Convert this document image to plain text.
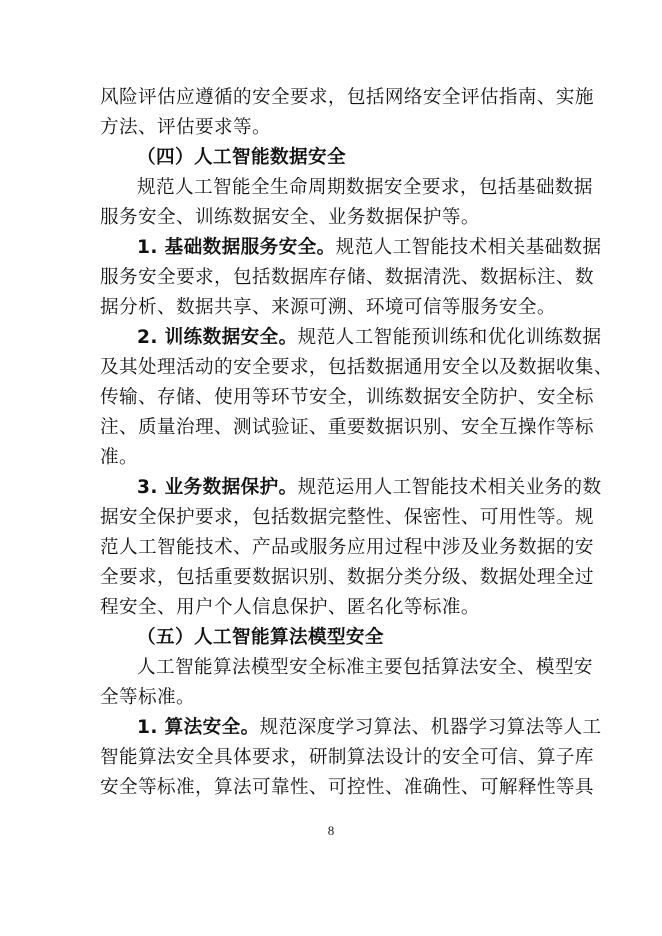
风险评估应遵循的安全要求，包括网络安全评估指南、实施
方法、评估要求等。
（四）人工智能数据安全
规范人工智能全生命周期数据安全要求，包括基础数据
服务安全、训练数据安全、业务数据保护等。
1. 基础数据服务安全。规范人工智能技术相关基础数据
服务安全要求，包括数据库存储、数据清洗、数据标注、数
据分析、数据共享、来源可溯、环境可信等服务安全。
2. 训练数据安全。规范人工智能预训练和优化训练数据
及其处理活动的安全要求，包括数据通用安全以及数据收集、
传输、存储、使用等环节安全，训练数据安全防护、安全标
注、质量治理、测试验证、重要数据识别、安全互操作等标
准。
3. 业务数据保护。规范运用人工智能技术相关业务的数
据安全保护要求，包括数据完整性、保密性、可用性等。规
范人工智能技术、产品或服务应用过程中涉及业务数据的安
全要求，包括重要数据识别、数据分类分级、数据处理全过
程安全、用户个人信息保护、匿名化等标准。
（五）人工智能算法模型安全
人工智能算法模型安全标准主要包括算法安全、模型安
全等标准。
1. 算法安全。规范深度学习算法、机器学习算法等人工
智能算法安全具体要求，研制算法设计的安全可信、算子库
安全等标准，算法可靠性、可控性、准确性、可解释性等具
8
